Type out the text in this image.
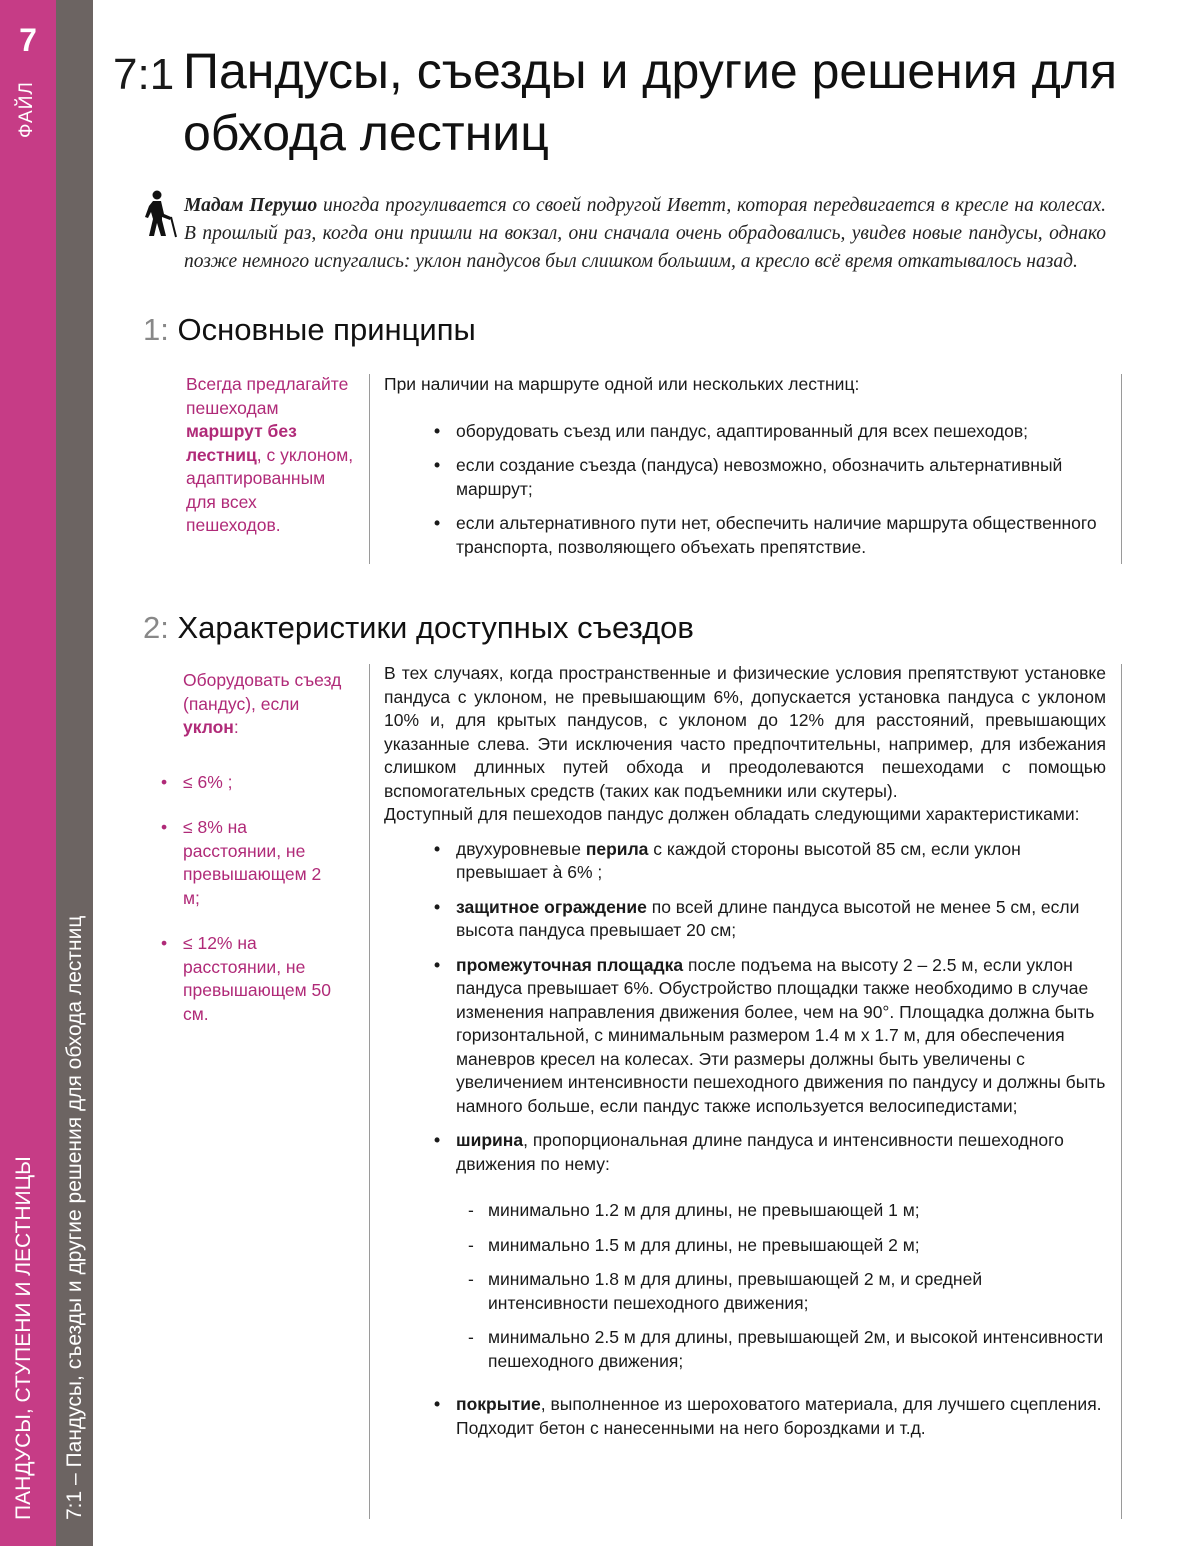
7
ФАЙЛ
ПАНДУСЫ, СТУПЕНИ И ЛЕСТНИЦЫ 7:1 – Пандусы, съезды и другие решения для обхода лестниц
7:1 Пандусы, съезды и другие решения для обхода лестниц
Мадам Перушо иногда прогуливается со своей подругой Иветт, которая передвигается в кресле на колесах. В прошлый раз, когда они пришли на вокзал, они сначала очень обрадовались, увидев новые пандусы, однако позже немного испугались: уклон пандусов был слишком большим, а кресло всё время откатывалось назад.
1: Основные принципы
Всегда предлагайте пешеходам маршрут без лестниц, с уклоном, адаптированным для всех пешеходов.
При наличии на маршруте одной или нескольких лестниц:
• оборудовать съезд или пандус, адаптированный для всех пешеходов;
• если создание съезда (пандуса) невозможно, обозначить альтернативный маршрут;
• если альтернативного пути нет, обеспечить наличие маршрута общественного транспорта, позволяющего объехать препятствие.
2: Характеристики доступных съездов
Оборудовать съезд (пандус), если уклон:
• ≤ 6% ;
• ≤ 8% на расстоянии, не превышающем 2 м;
• ≤ 12% на расстоянии, не превышающем 50 см.
В тех случаях, когда пространственные и физические условия препятствуют установке пандуса с уклоном, не превышающим 6%, допускается установка пандуса с уклоном 10% и, для крытых пандусов, с уклоном до 12% для расстояний, превышающих указанные слева. Эти исключения часто предпочтительны, например, для избежания слишком длинных путей обхода и преодолеваются пешеходами с помощью вспомогательных средств (таких как подъемники или скутеры).
Доступный для пешеходов пандус должен обладать следующими характеристиками:
• двухуровневые перила с каждой стороны высотой 85 см, если уклон превышает à 6% ;
• защитное ограждение по всей длине пандуса высотой не менее 5 см, если высота пандуса превышает 20 см;
• промежуточная площадка после подъема на высоту 2 – 2.5 м, если уклон пандуса превышает 6%. Обустройство площадки также необходимо в случае изменения направления движения более, чем на 90°. Площадка должна быть горизонтальной, с минимальным размером 1.4 м x 1.7 м, для обеспечения маневров кресел на колесах. Эти размеры должны быть увеличены с увеличением интенсивности пешеходного движения по пандусу и должны быть намного больше, если пандус также используется велосипедистами;
• ширина, пропорциональная длине пандуса и интенсивности пешеходного движения по нему:
- минимально 1.2 м для длины, не превышающей 1 м;
- минимально 1.5 м для длины, не превышающей 2 м;
- минимально 1.8 м для длины, превышающей 2 м, и средней интенсивности пешеходного движения;
- минимально 2.5 м для длины, превышающей 2м, и высокой интенсивности пешеходного движения;
• покрытие, выполненное из шероховатого материала, для лучшего сцепления. Подходит бетон с нанесенными на него бороздками и т.д.
